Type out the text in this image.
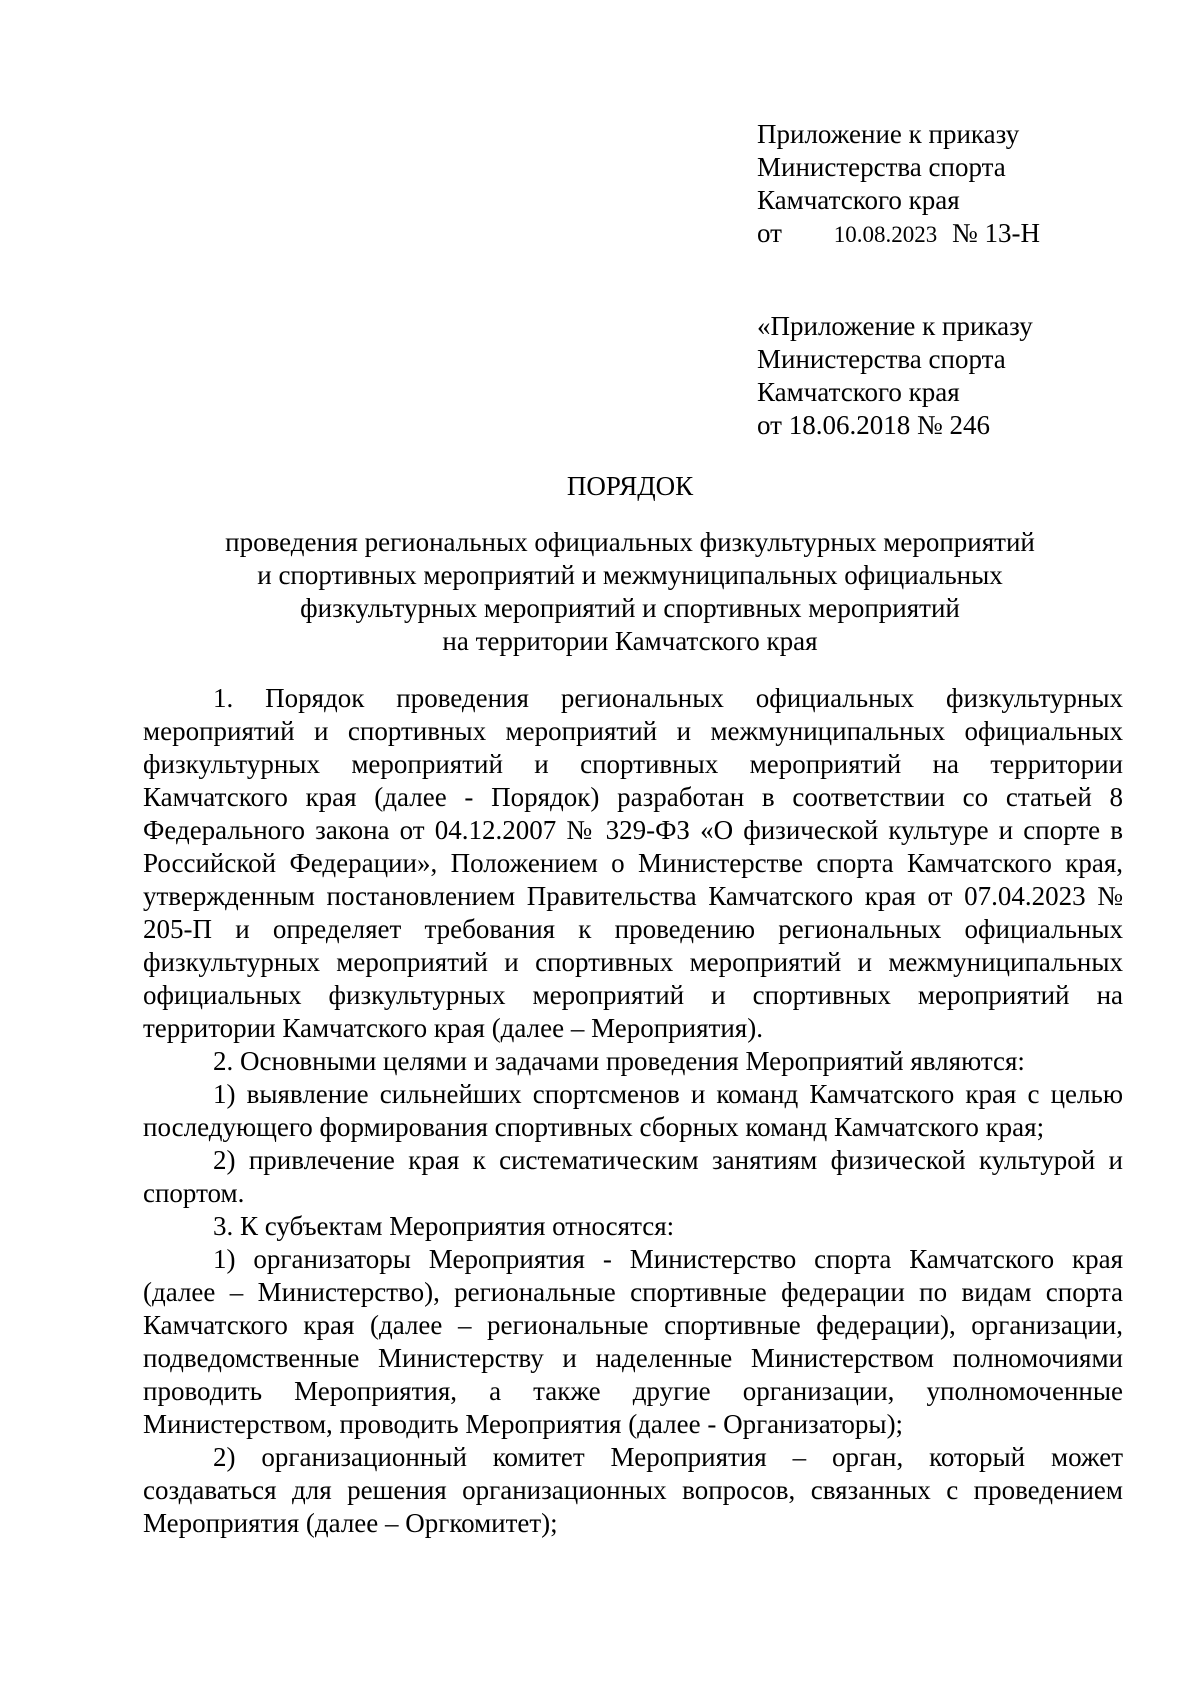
Приложение к приказу
Министерства спорта
Камчатского края
от 10.08.2023 № 13-Н
«Приложение к приказу
Министерства спорта
Камчатского края
от 18.06.2018 № 246
ПОРЯДОК
проведения региональных официальных физкультурных мероприятий
и спортивных мероприятий и межмуниципальных официальных
физкультурных мероприятий и спортивных мероприятий
на территории Камчатского края

1. Порядок проведения региональных официальных физкультурных мероприятий и спортивных мероприятий и межмуниципальных официальных физкультурных мероприятий и спортивных мероприятий на территории Камчатского края (далее - Порядок) разработан в соответствии со статьей 8 Федерального закона от 04.12.2007 № 329-ФЗ «О физической культуре и спорте в Российской Федерации», Положением о Министерстве спорта Камчатского края, утвержденным постановлением Правительства Камчатского края от 07.04.2023 № 205-П и определяет требования к проведению региональных официальных физкультурных мероприятий и спортивных мероприятий и межмуниципальных официальных физкультурных мероприятий и спортивных мероприятий на территории Камчатского края (далее – Мероприятия).

2. Основными целями и задачами проведения Мероприятий являются:

1) выявление сильнейших спортсменов и команд Камчатского края с целью последующего формирования спортивных сборных команд Камчатского края;

2) привлечение края к систематическим занятиям физической культурой и спортом.

3. К субъектам Мероприятия относятся:

1) организаторы Мероприятия - Министерство спорта Камчатского края (далее – Министерство), региональные спортивные федерации по видам спорта Камчатского края (далее – региональные спортивные федерации), организации, подведомственные Министерству и наделенные Министерством полномочиями проводить Мероприятия, а также другие организации, уполномоченные Министерством, проводить Мероприятия (далее - Организаторы);

2) организационный комитет Мероприятия – орган, который может создаваться для решения организационных вопросов, связанных с проведением Мероприятия (далее – Оргкомитет);
